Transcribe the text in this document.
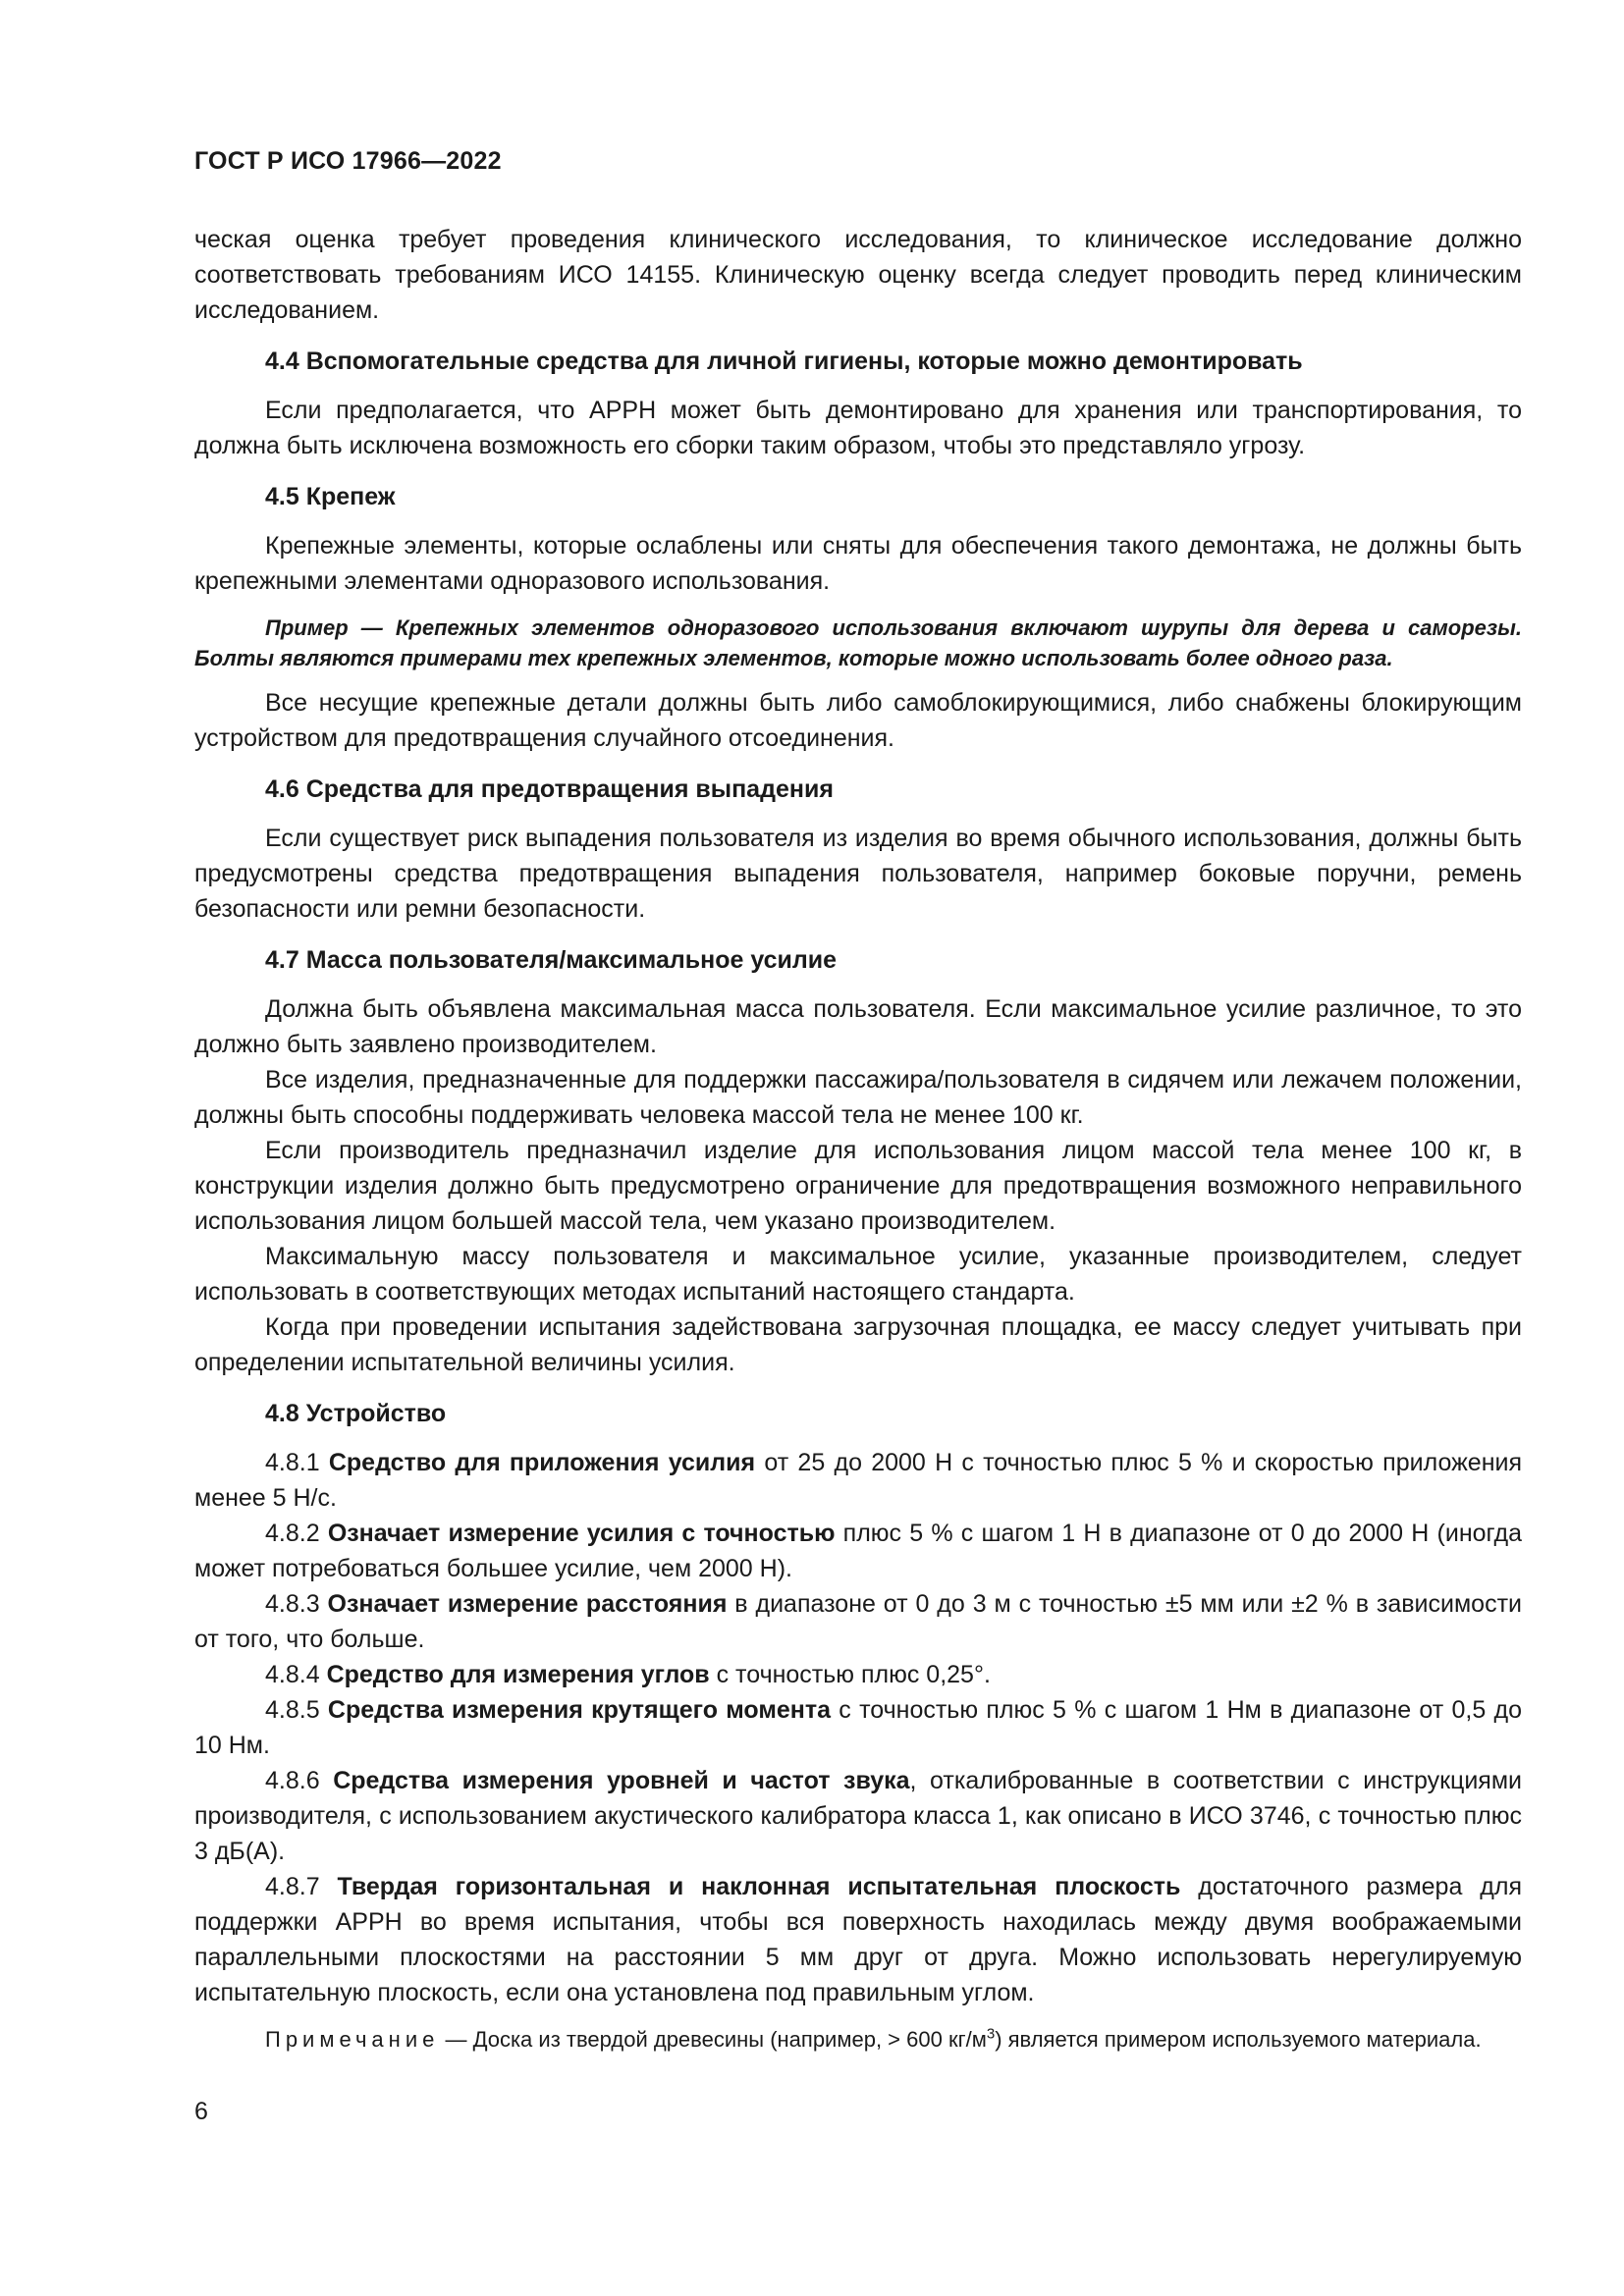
ГОСТ Р ИСО 17966—2022

ческая оценка требует проведения клинического исследования, то клиническое исследование должно соответствовать требованиям ИСО 14155. Клиническую оценку всегда следует проводить перед клиническим исследованием.

4.4 Вспомогательные средства для личной гигиены, которые можно демонтировать

Если предполагается, что APPH может быть демонтировано для хранения или транспортирования, то должна быть исключена возможность его сборки таким образом, чтобы это представляло угрозу.

4.5 Крепеж

Крепежные элементы, которые ослаблены или сняты для обеспечения такого демонтажа, не должны быть крепежными элементами одноразового использования.

Пример — Крепежных элементов одноразового использования включают шурупы для дерева и саморезы. Болты являются примерами тех крепежных элементов, которые можно использовать более одного раза.

Все несущие крепежные детали должны быть либо самоблокирующимися, либо снабжены блокирующим устройством для предотвращения случайного отсоединения.

4.6 Средства для предотвращения выпадения

Если существует риск выпадения пользователя из изделия во время обычного использования, должны быть предусмотрены средства предотвращения выпадения пользователя, например боковые поручни, ремень безопасности или ремни безопасности.

4.7 Масса пользователя/максимальное усилие

Должна быть объявлена максимальная масса пользователя. Если максимальное усилие различное, то это должно быть заявлено производителем.

Все изделия, предназначенные для поддержки пассажира/пользователя в сидячем или лежачем положении, должны быть способны поддерживать человека массой тела не менее 100 кг.

Если производитель предназначил изделие для использования лицом массой тела менее 100 кг, в конструкции изделия должно быть предусмотрено ограничение для предотвращения возможного неправильного использования лицом большей массой тела, чем указано производителем.

Максимальную массу пользователя и максимальное усилие, указанные производителем, следует использовать в соответствующих методах испытаний настоящего стандарта.

Когда при проведении испытания задействована загрузочная площадка, ее массу следует учитывать при определении испытательной величины усилия.

4.8 Устройство

4.8.1 Средство для приложения усилия от 25 до 2000 Н с точностью плюс 5 % и скоростью приложения менее 5 Н/с.

4.8.2 Означает измерение усилия с точностью плюс 5 % с шагом 1 Н в диапазоне от 0 до 2000 Н (иногда может потребоваться большее усилие, чем 2000 Н).

4.8.3 Означает измерение расстояния в диапазоне от 0 до 3 м с точностью ±5 мм или ±2 % в зависимости от того, что больше.

4.8.4 Средство для измерения углов с точностью плюс 0,25°.

4.8.5 Средства измерения крутящего момента с точностью плюс 5 % с шагом 1 Нм в диапазоне от 0,5 до 10 Нм.

4.8.6 Средства измерения уровней и частот звука, откалиброванные в соответствии с инструкциями производителя, с использованием акустического калибратора класса 1, как описано в ИСО 3746, с точностью плюс 3 дБ(A).

4.8.7 Твердая горизонтальная и наклонная испытательная плоскость достаточного размера для поддержки APPH во время испытания, чтобы вся поверхность находилась между двумя воображаемыми параллельными плоскостями на расстоянии 5 мм друг от друга. Можно использовать нерегулируемую испытательную плоскость, если она установлена под правильным углом.

Примечание — Доска из твердой древесины (например, > 600 $кг/м^3$) является примером используемого материала.

6
